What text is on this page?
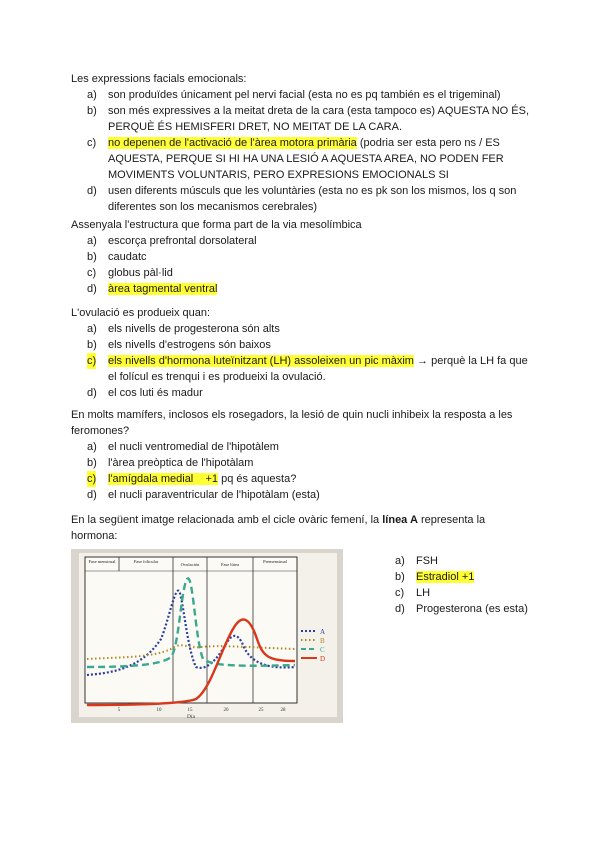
Les expressions facials emocionals:
a) son produïdes únicament pel nervi facial (esta no es pq también es el trigeminal)
b) son més expressives a la meitat dreta de la cara (esta tampoco es) AQUESTA NO ÉS, PERQUÈ ÉS HEMISFERI DRET, NO MEITAT DE LA CARA.
c) no depenen de l'activació de l'àrea motora primària (podria ser esta pero ns / ES AQUESTA, PERQUE SI HI HA UNA LESIÓ A AQUESTA AREA, NO PODEN FER MOVIMENTS VOLUNTARIS, PERO EXPRESIONS EMOCIONALS SI
d) usen diferents músculs que les voluntàries (esta no es pk son los mismos, los q son diferentes son los mecanismos cerebrales)
Assenyala l'estructura que forma part de la via mesolímbica
a) escorça prefrontal dorsolateral
b) caudatc
c) globus pàl·lid
d) àrea tagmental ventral
L'ovulació es produeix quan:
a) els nivells de progesterona són alts
b) els nivells d'estrogens són baixos
c) els nivells d'hormona luteïnitzant (LH) assoleixen un pic màxim → perquè la LH fa que el folícul es trenqui i es produeixi la ovulació.
d) el cos luti és madur
En molts mamífers, inclosos els rosegadors, la lesió de quin nucli inhibeix la resposta a les feromones?
a) el nucli ventromedial de l'hipotàlem
b) l'àrea preòptica de l'hipotàlam
c) l'amígdala medial    +1 pq és aquesta?
d) el nucli paraventricular de l'hipotàlam (esta)
En la següent imatge relacionada amb el cicle ovàric femení, la línea A representa la hormona:
Fase menstrual	Fase folicular
Ovulación	Fase lútea
Premenstrual
A
B
C
D
5	10	15	20	25	28
Día
a) FSH
b) Estradiol +1
c) LH
d) Progesterona (es esta)
